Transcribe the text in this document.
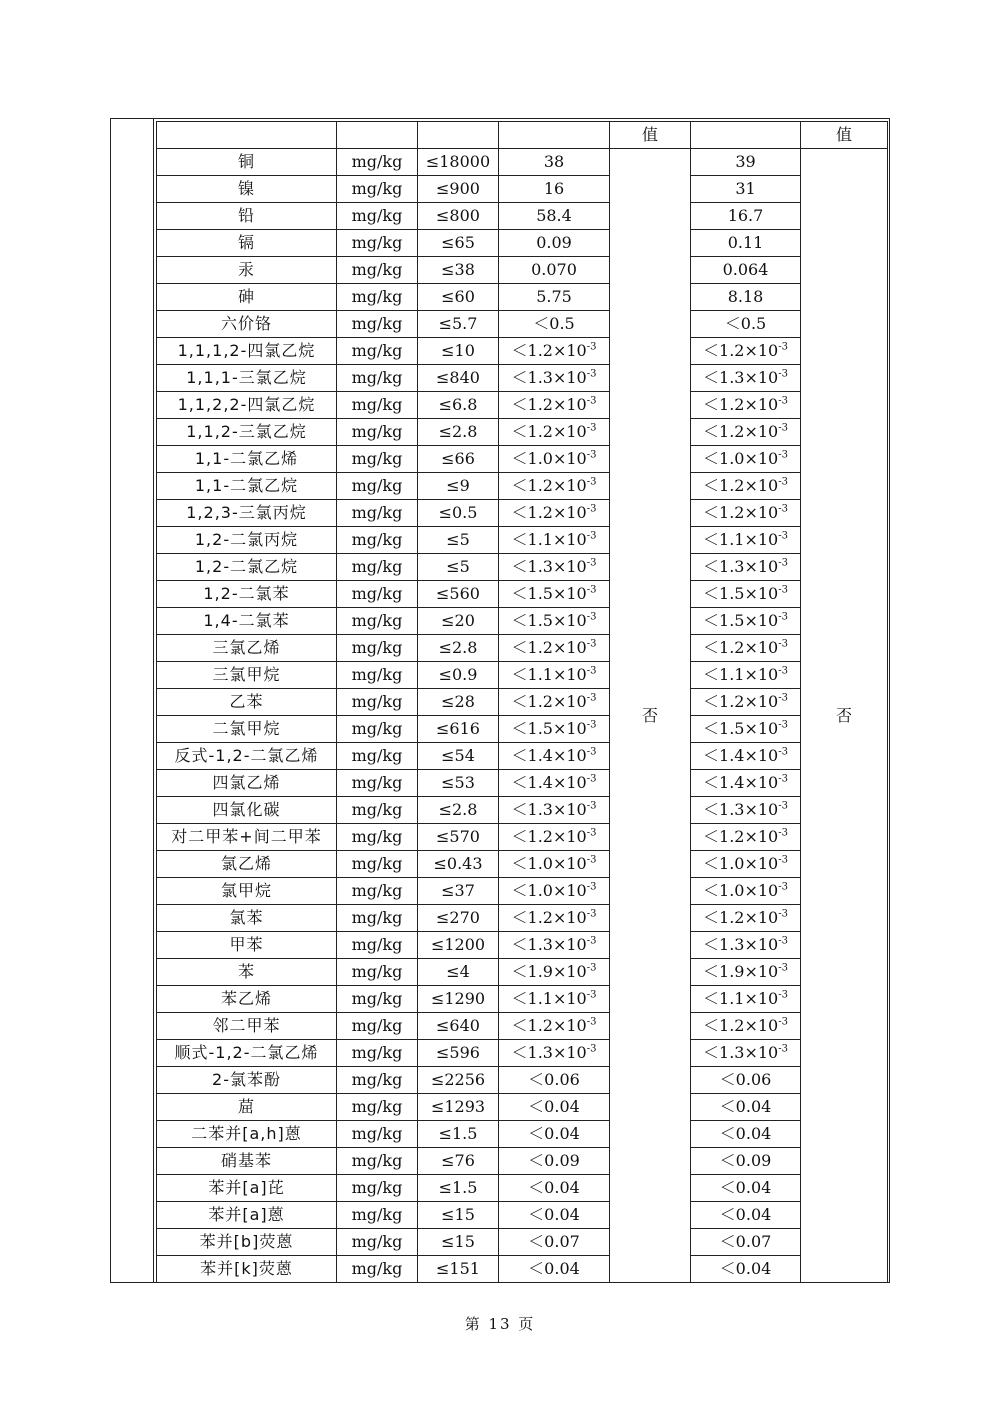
				值		值
铜	mg/kg	≤18000	38	否	39	否
镍	mg/kg	≤900	16		31	
铅	mg/kg	≤800	58.4		16.7	
镉	mg/kg	≤65	0.09		0.11	
汞	mg/kg	≤38	0.070		0.064	
砷	mg/kg	≤60	5.75		8.18	
六价铬	mg/kg	≤5.7	＜0.5		＜0.5	
1,1,1,2-四氯乙烷	mg/kg	≤10	$<1.2\times 10^{-3}$		$<1.2\times 10^{-3}$
1,1,1-三氯乙烷	mg/kg	≤840	$<1.3\times 10^{-3}$		$<1.3\times 10^{-3}$
1,1,2,2-四氯乙烷	mg/kg	≤6.8	$<1.2\times 10^{-3}$		$<1.2\times 10^{-3}$
1,1,2-三氯乙烷	mg/kg	≤2.8	$<1.2\times 10^{-3}$		$<1.2\times 10^{-3}$
1,1-二氯乙烯	mg/kg	≤66	$<1.0\times 10^{-3}$		$<1.0\times 10^{-3}$
1,1-二氯乙烷	mg/kg	≤9	$<1.2\times 10^{-3}$		$<1.2\times 10^{-3}$
1,2,3-三氯丙烷	mg/kg	≤0.5	$<1.2\times 10^{-3}$		$<1.2\times 10^{-3}$
1,2-二氯丙烷	mg/kg	≤5	$<1.1\times 10^{-3}$		$<1.1\times 10^{-3}$
1,2-二氯乙烷	mg/kg	≤5	$<1.3\times 10^{-3}$		$<1.3\times 10^{-3}$
1,2-二氯苯	mg/kg	≤560	$<1.5\times 10^{-3}$		$<1.5\times 10^{-3}$
1,4-二氯苯	mg/kg	≤20	$<1.5\times 10^{-3}$		$<1.5\times 10^{-3}$
三氯乙烯	mg/kg	≤2.8	$<1.2\times 10^{-3}$		$<1.2\times 10^{-3}$
三氯甲烷	mg/kg	≤0.9	$<1.1\times 10^{-3}$		$<1.1\times 10^{-3}$
乙苯	mg/kg	≤28	$<1.2\times 10^{-3}$		$<1.2\times 10^{-3}$
二氯甲烷	mg/kg	≤616	$<1.5\times 10^{-3}$		$<1.5\times 10^{-3}$
反式-1,2-二氯乙烯	mg/kg	≤54	$<1.4\times 10^{-3}$		$<1.4\times 10^{-3}$
四氯乙烯	mg/kg	≤53	$<1.4\times 10^{-3}$		$<1.4\times 10^{-3}$
四氯化碳	mg/kg	≤2.8	$<1.3\times 10^{-3}$		$<1.3\times 10^{-3}$
对二甲苯+间二甲苯	mg/kg	≤570	$<1.2\times 10^{-3}$		$<1.2\times 10^{-3}$
氯乙烯	mg/kg	≤0.43	$<1.0\times 10^{-3}$		$<1.0\times 10^{-3}$
氯甲烷	mg/kg	≤37	$<1.0\times 10^{-3}$		$<1.0\times 10^{-3}$
氯苯	mg/kg	≤270	$<1.2\times 10^{-3}$		$<1.2\times 10^{-3}$
甲苯	mg/kg	≤1200	$<1.3\times 10^{-3}$		$<1.3\times 10^{-3}$
苯	mg/kg	≤4	$<1.9\times 10^{-3}$		$<1.9\times 10^{-3}$
苯乙烯	mg/kg	≤1290	$<1.1\times 10^{-3}$		$<1.1\times 10^{-3}$
邻二甲苯	mg/kg	≤640	$<1.2\times 10^{-3}$		$<1.2\times 10^{-3}$
顺式-1,2-二氯乙烯	mg/kg	≤596	$<1.3\times 10^{-3}$		$<1.3\times 10^{-3}$
2-氯苯酚	mg/kg	≤2256	＜0.06		＜0.06	
䓛	mg/kg	≤1293	＜0.04		＜0.04	
二苯并[a,h]蒽	mg/kg	≤1.5	＜0.04		＜0.04	
硝基苯	mg/kg	≤76	＜0.09		＜0.09	
苯并[a]芘	mg/kg	≤1.5	＜0.04		＜0.04	
苯并[a]蒽	mg/kg	≤15	＜0.04		＜0.04	
苯并[b]荧蒽	mg/kg	≤15	＜0.07		＜0.07	
苯并[k]荧蒽	mg/kg	≤151	＜0.04		＜0.04	
第 13 页
